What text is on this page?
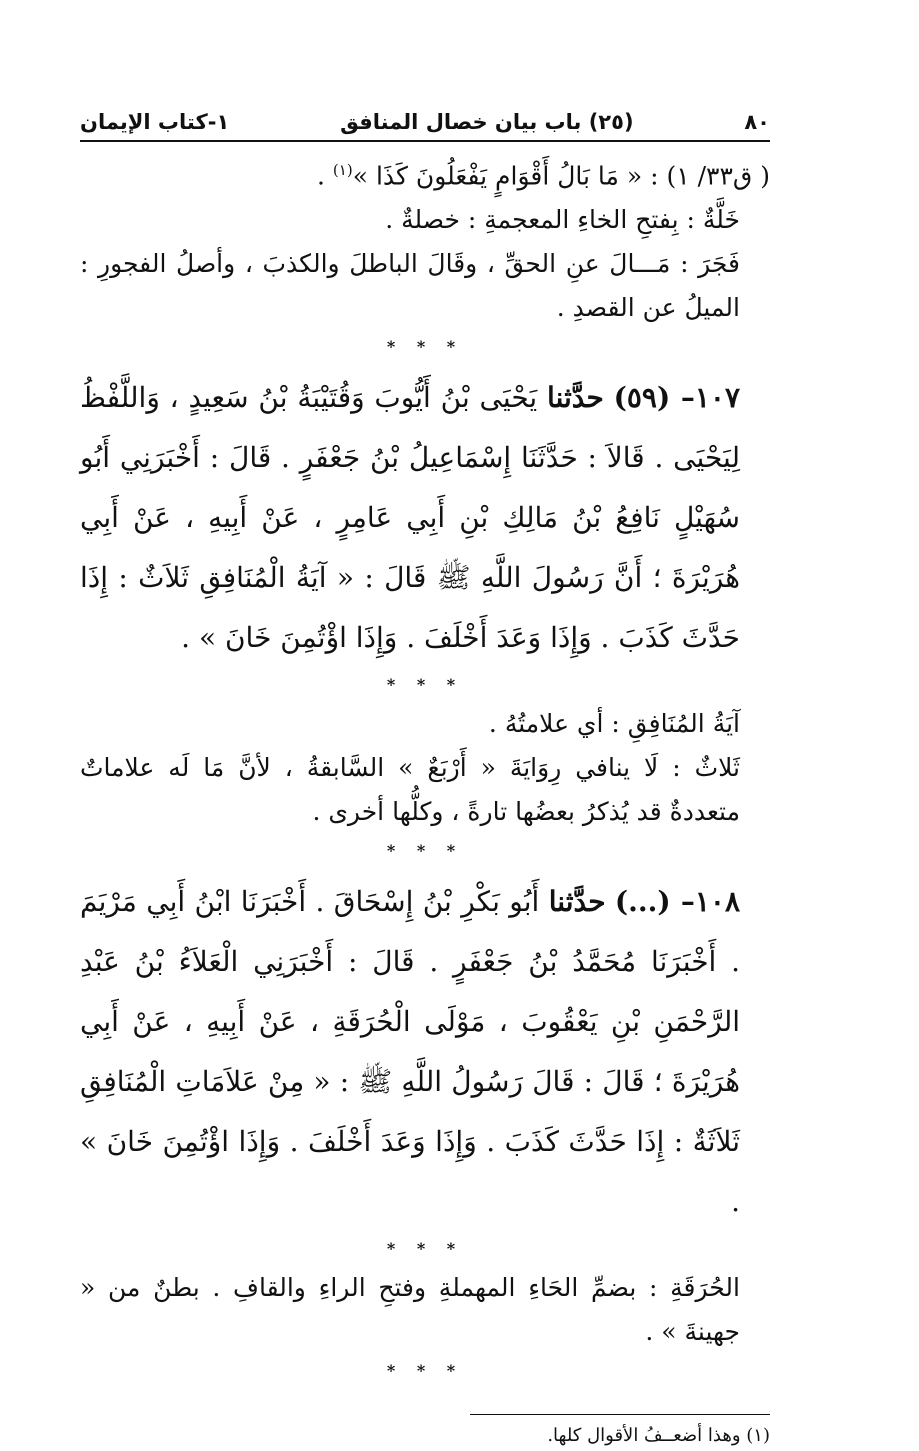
٨٠
(٢٥) باب بيان خصال المنافق
١-كتاب الإيمان

( ق٣٣/ ١) : « مَا بَالُ أَقْوَامٍ يَفْعَلُونَ كَذَا »$^{(١)}$ .

خَلَّةٌ : بِفتحِ الخاءِ المعجمةِ : خصلةٌ .

فَجَرَ : مَـــالَ عنِ الحقِّ ، وقَالَ الباطلَ والكذبَ ، وأصلُ الفجورِ : الميلُ عن القصدِ .

* * *

١٠٧– (٥٩) حدَّثنا يَحْيَى بْنُ أَيُّوبَ وَقُتَيْبَةُ بْنُ سَعِيدٍ ، وَاللَّفْظُ لِيَحْيَى . قَالاَ : حَدَّثَنَا إِسْمَاعِيلُ بْنُ جَعْفَرٍ . قَالَ : أَخْبَرَنِي أَبُو سُهَيْلٍ نَافِعُ بْنُ مَالِكِ بْنِ أَبِي عَامِرٍ ، عَنْ أَبِيهِ ، عَنْ أَبِي هُرَيْرَةَ ؛ أَنَّ رَسُولَ اللَّهِ ﷺ قَالَ : « آيَةُ الْمُنَافِقِ ثَلاَثٌ : إِذَا حَدَّثَ كَذَبَ . وَإِذَا وَعَدَ أَخْلَفَ . وَإِذَا اؤْتُمِنَ خَانَ » .

* * *

آيَةُ المُنَافِقِ : أي علامتُهُ .

ثَلاثٌ : لَا ينافي رِوَايَةَ « أَرْبَعٌ » السَّابقةُ ، لأنَّ مَا لَه علاماتٌ متعددةٌ قد يُذكرُ بعضُها تارةً ، وكلُّها أخرى .

* * *

١٠٨– (...) حدَّثنا أَبُو بَكْرِ بْنُ إِسْحَاقَ . أَخْبَرَنَا ابْنُ أَبِي مَرْيَمَ . أَخْبَرَنَا مُحَمَّدُ بْنُ جَعْفَرٍ . قَالَ : أَخْبَرَنِي الْعَلاَءُ بْنُ عَبْدِ الرَّحْمَنِ بْنِ يَعْقُوبَ ، مَوْلَى الْحُرَقَةِ ، عَنْ أَبِيهِ ، عَنْ أَبِي هُرَيْرَةَ ؛ قَالَ : قَالَ رَسُولُ اللَّهِ ﷺ : « مِنْ عَلاَمَاتِ الْمُنَافِقِ ثَلاَثَةٌ : إِذَا حَدَّثَ كَذَبَ . وَإِذَا وَعَدَ أَخْلَفَ . وَإِذَا اؤْتُمِنَ خَانَ » .

* * *

الحُرَقَةِ : بضمِّ الحَاءِ المهملةِ وفتحِ الراءِ والقافِ . بطنٌ من « جهينةَ » .

* * *
(١) وهذا أضعــفُ الأقوال كلها.
